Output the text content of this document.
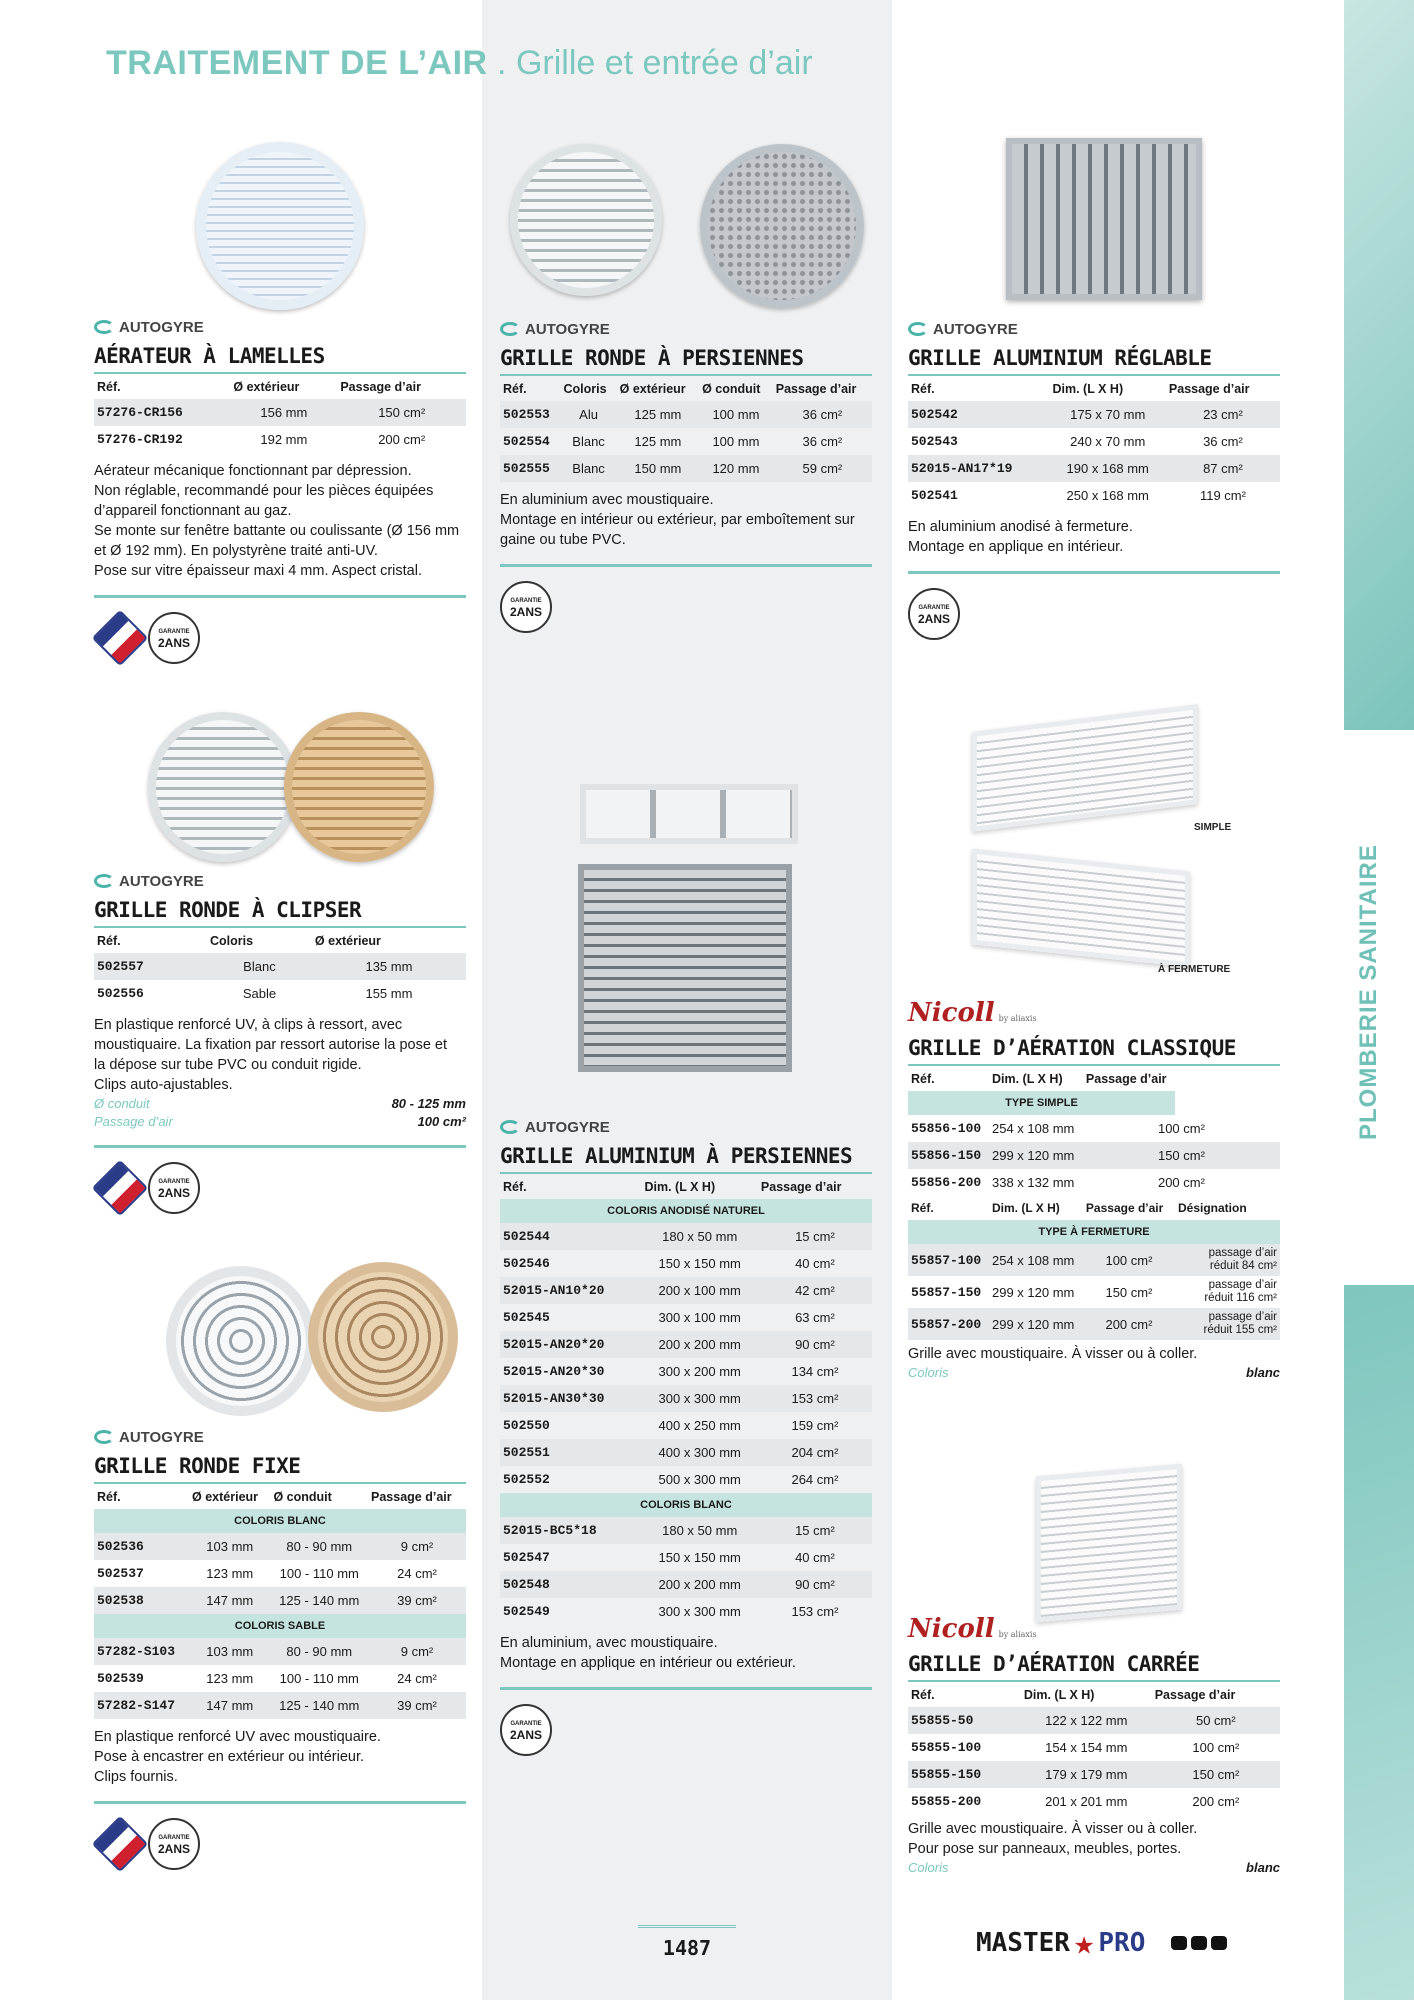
TRAITEMENT DE L’AIR . Grille et entrée d’air
AUTOGYRE
AÉRATEUR À LAMELLES
Réf.	Ø extérieur	Passage d’air
57276-CR156	156 mm	150 cm²
57276-CR192	192 mm	200 cm²
Aérateur mécanique fonctionnant par dépression.
Non réglable, recommandé pour les pièces équipées
d’appareil fonctionnant au gaz.
Se monte sur fenêtre battante ou coulissante (Ø 156 mm
et Ø 192 mm). En polystyrène traité anti-UV.
Pose sur vitre épaisseur maxi 4 mm. Aspect cristal.
GARANTIE
2ANS
AUTOGYRE
GRILLE RONDE À CLIPSER
Réf.	Coloris	Ø extérieur
502557	Blanc	135 mm
502556	Sable	155 mm
En plastique renforcé UV, à clips à ressort, avec
moustiquaire. La fixation par ressort autorise la pose et
la dépose sur tube PVC ou conduit rigide.
Clips auto-ajustables.
Ø conduit	80 - 125 mm
Passage d’air	100 cm²
GARANTIE
2ANS
AUTOGYRE
GRILLE RONDE FIXE
Réf.	Ø extérieur	Ø conduit	Passage d’air
COLORIS BLANC			
502536	103 mm	80 - 90 mm	9 cm²
502537	123 mm	100 - 110 mm	24 cm²
502538	147 mm	125 - 140 mm	39 cm²
COLORIS SABLE			
57282-S103	103 mm	80 - 90 mm	9 cm²
502539	123 mm	100 - 110 mm	24 cm²
57282-S147	147 mm	125 - 140 mm	39 cm²
En plastique renforcé UV avec moustiquaire.
Pose à encastrer en extérieur ou intérieur.
Clips fournis.
GARANTIE
2ANS
AUTOGYRE
GRILLE RONDE À PERSIENNES
Réf.	Coloris	Ø extérieur	Ø conduit	Passage d’air
502553	Alu	125 mm	100 mm	36 cm²
502554	Blanc	125 mm	100 mm	36 cm²
502555	Blanc	150 mm	120 mm	59 cm²
En aluminium avec moustiquaire.
Montage en intérieur ou extérieur, par emboîtement sur
gaine ou tube PVC.
GARANTIE
2ANS
AUTOGYRE
GRILLE ALUMINIUM À PERSIENNES
Réf.	Dim. (L X H)	Passage d’air
COLORIS ANODISÉ NATUREL		
502544	180 x 50 mm	15 cm²
502546	150 x 150 mm	40 cm²
52015-AN10*20	200 x 100 mm	42 cm²
502545	300 x 100 mm	63 cm²
52015-AN20*20	200 x 200 mm	90 cm²
52015-AN20*30	300 x 200 mm	134 cm²
52015-AN30*30	300 x 300 mm	153 cm²
502550	400 x 250 mm	159 cm²
502551	400 x 300 mm	204 cm²
502552	500 x 300 mm	264 cm²
COLORIS BLANC		
52015-BC5*18	180 x 50 mm	15 cm²
502547	150 x 150 mm	40 cm²
502548	200 x 200 mm	90 cm²
502549	300 x 300 mm	153 cm²
En aluminium, avec moustiquaire.
Montage en applique en intérieur ou extérieur.
GARANTIE
2ANS
AUTOGYRE
GRILLE ALUMINIUM RÉGLABLE
Réf.	Dim. (L X H)	Passage d’air
502542	175 x 70 mm	23 cm²
502543	240 x 70 mm	36 cm²
52015-AN17*19	190 x 168 mm	87 cm²
502541	250 x 168 mm	119 cm²
En aluminium anodisé à fermeture.
Montage en applique en intérieur.
GARANTIE
2ANS
SIMPLE
À FERMETURE
Nicoll by aliaxis
GRILLE D’AÉRATION CLASSIQUE
Réf.	Dim. (L X H)	Passage d’air	
TYPE SIMPLE			
55856-100	254 x 108 mm	100 cm²	
55856-150	299 x 120 mm	150 cm²	
55856-200	338 x 132 mm	200 cm²	
Réf.	Dim. (L X H)	Passage d’air	Désignation
TYPE À FERMETURE			
55857-100	254 x 108 mm	100 cm²	passage d’air réduit 84 cm²
55857-150	299 x 120 mm	150 cm²	passage d’air réduit 116 cm²
55857-200	299 x 120 mm	200 cm²	passage d’air réduit 155 cm²
Grille avec moustiquaire. À visser ou à coller.
Coloris	blanc
Nicoll by aliaxis
GRILLE D’AÉRATION CARRÉE
Réf.	Dim. (L X H)	Passage d’air
55855-50	122 x 122 mm	50 cm²
55855-100	154 x 154 mm	100 cm²
55855-150	179 x 179 mm	150 cm²
55855-200	201 x 201 mm	200 cm²
Grille avec moustiquaire. À visser ou à coller.
Pour pose sur panneaux, meubles, portes.
Coloris	blanc
1487	MASTER ★ PRO
